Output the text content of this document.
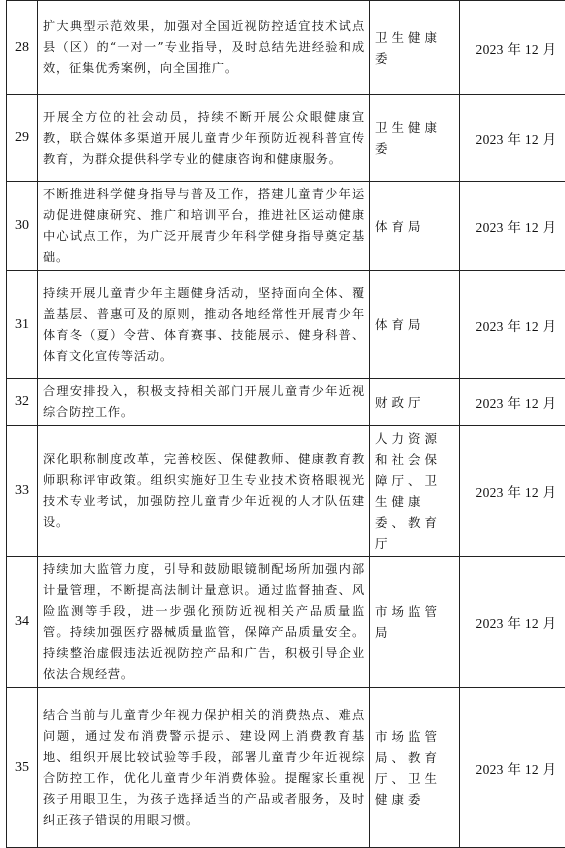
28	扩大典型示范效果，加强对全国近视防控适宜技术试点县（区）的“一对一”专业指导，及时总结先进经验和成效，征集优秀案例，向全国推广。	卫生健康委	2023 年 12 月
29	开展全方位的社会动员，持续不断开展公众眼健康宣教，联合媒体多渠道开展儿童青少年预防近视科普宣传教育，为群众提供科学专业的健康咨询和健康服务。	卫生健康委	2023 年 12 月
30	不断推进科学健身指导与普及工作，搭建儿童青少年运动促进健康研究、推广和培训平台，推进社区运动健康中心试点工作，为广泛开展青少年科学健身指导奠定基础。	体育局	2023 年 12 月
31	持续开展儿童青少年主题健身活动，坚持面向全体、覆盖基层、普惠可及的原则，推动各地经常性开展青少年体育冬（夏）令营、体育赛事、技能展示、健身科普、体育文化宣传等活动。	体育局	2023 年 12 月
32	合理安排投入，积极支持相关部门开展儿童青少年近视综合防控工作。	财政厅	2023 年 12 月
33	深化职称制度改革，完善校医、保健教师、健康教育教师职称评审政策。组织实施好卫生专业技术资格眼视光技术专业考试，加强防控儿童青少年近视的人才队伍建设。	人力资源和社会保障厅、卫生健康委、教育厅	2023 年 12 月
34	持续加大监管力度，引导和鼓励眼镜制配场所加强内部计量管理，不断提高法制计量意识。通过监督抽查、风险监测等手段，进一步强化预防近视相关产品质量监管。持续加强医疗器械质量监管，保障产品质量安全。持续整治虚假违法近视防控产品和广告，积极引导企业依法合规经营。	市场监管局	2023 年 12 月
35	结合当前与儿童青少年视力保护相关的消费热点、难点问题，通过发布消费警示提示、建设网上消费教育基地、组织开展比较试验等手段，部署儿童青少年近视综合防控工作，优化儿童青少年消费体验。提醒家长重视孩子用眼卫生，为孩子选择适当的产品或者服务，及时纠正孩子错误的用眼习惯。	市场监管局、教育厅、卫生健康委	2023 年 12 月
